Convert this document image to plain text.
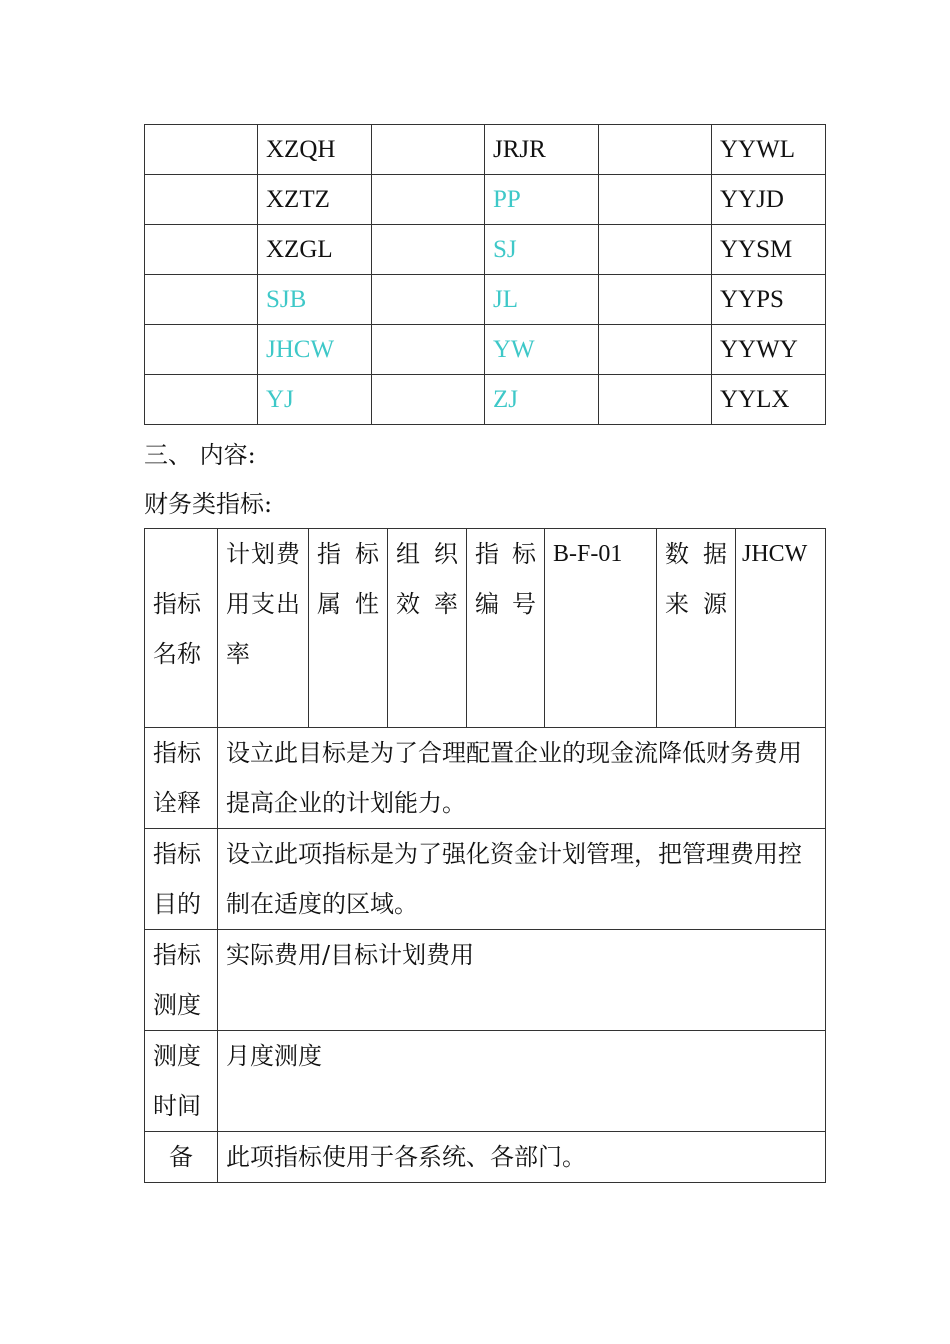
	XZQH		JRJR		YYWL
	XZTZ		PP		YYJD
	XZGL		SJ		YYSM
	SJB		JL		YYPS
	JHCW		YW		YYWY
	YJ		ZJ		YYLX
三、 内容:
财务类指标:
指标名称	计划费用支出率	指标属性	组织效率	指标编号	B-F-01	数据来源	JHCW
指标诠释	设立此目标是为了合理配置企业的现金流降低财务费用提高企业的计划能力。						
指标目的	设立此项指标是为了强化资金计划管理，把管理费用控制在适度的区域。						
指标测度	实际费用/目标计划费用						
测度时间	月度测度						
备	此项指标使用于各系统、各部门。						
